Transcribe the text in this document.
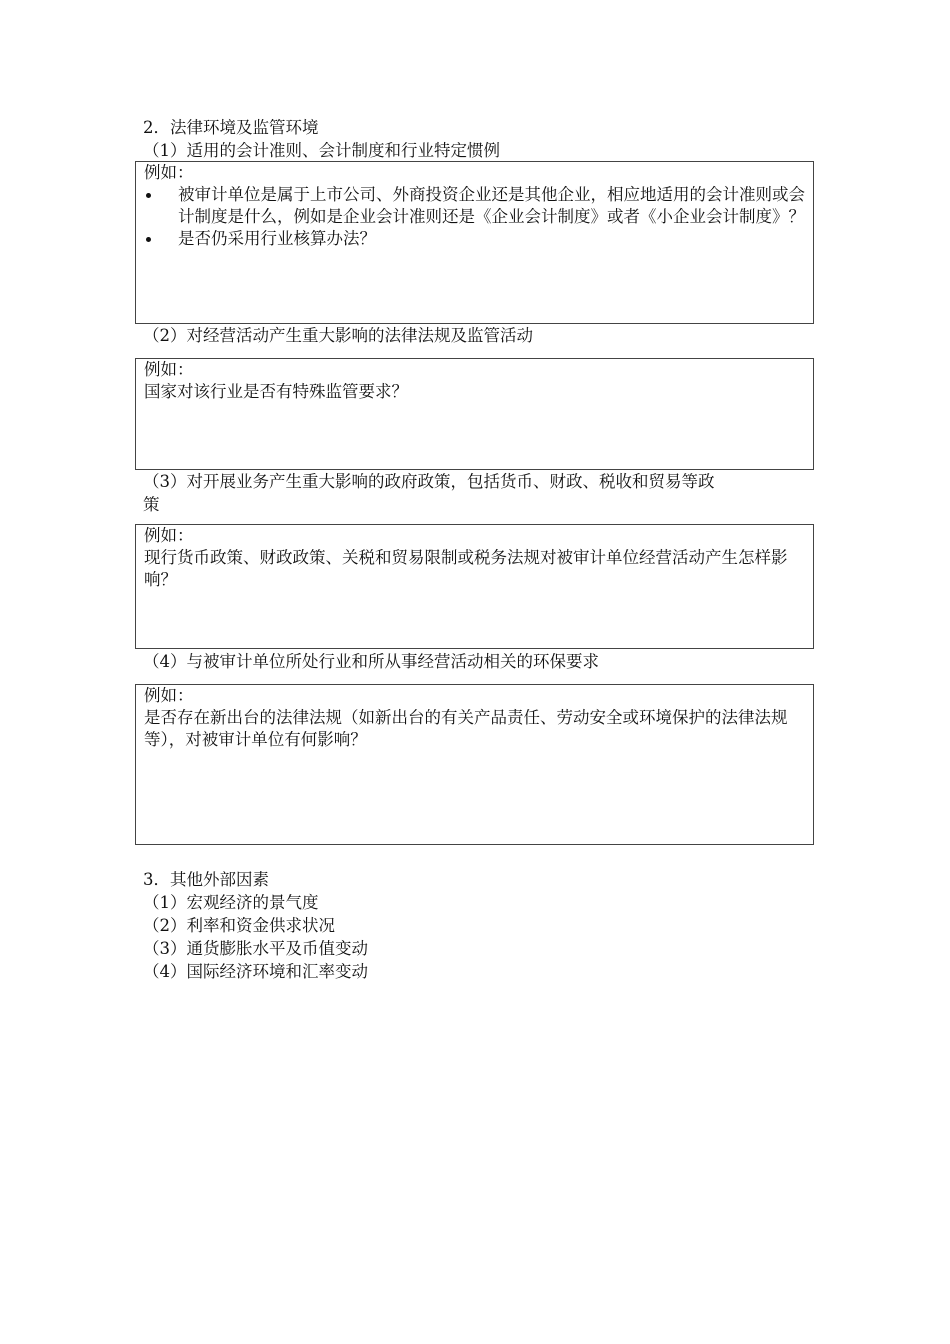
2．法律环境及监管环境
（1）适用的会计准则、会计制度和行业特定惯例
例如：
被审计单位是属于上市公司、外商投资企业还是其他企业，相应地适用的会计准则或会计制度是什么，例如是企业会计准则还是《企业会计制度》或者《小企业会计制度》？
是否仍采用行业核算办法？
（2）对经营活动产生重大影响的法律法规及监管活动
例如：
国家对该行业是否有特殊监管要求？
（3）对开展业务产生重大影响的政府政策，包括货币、财政、税收和贸易等政
策
例如：
现行货币政策、财政政策、关税和贸易限制或税务法规对被审计单位经营活动产生怎样影响？
（4）与被审计单位所处行业和所从事经营活动相关的环保要求
例如：
是否存在新出台的法律法规（如新出台的有关产品责任、劳动安全或环境保护的法律法规等），对被审计单位有何影响？
3．其他外部因素
（1）宏观经济的景气度
（2）利率和资金供求状况
（3）通货膨胀水平及币值变动
（4）国际经济环境和汇率变动
